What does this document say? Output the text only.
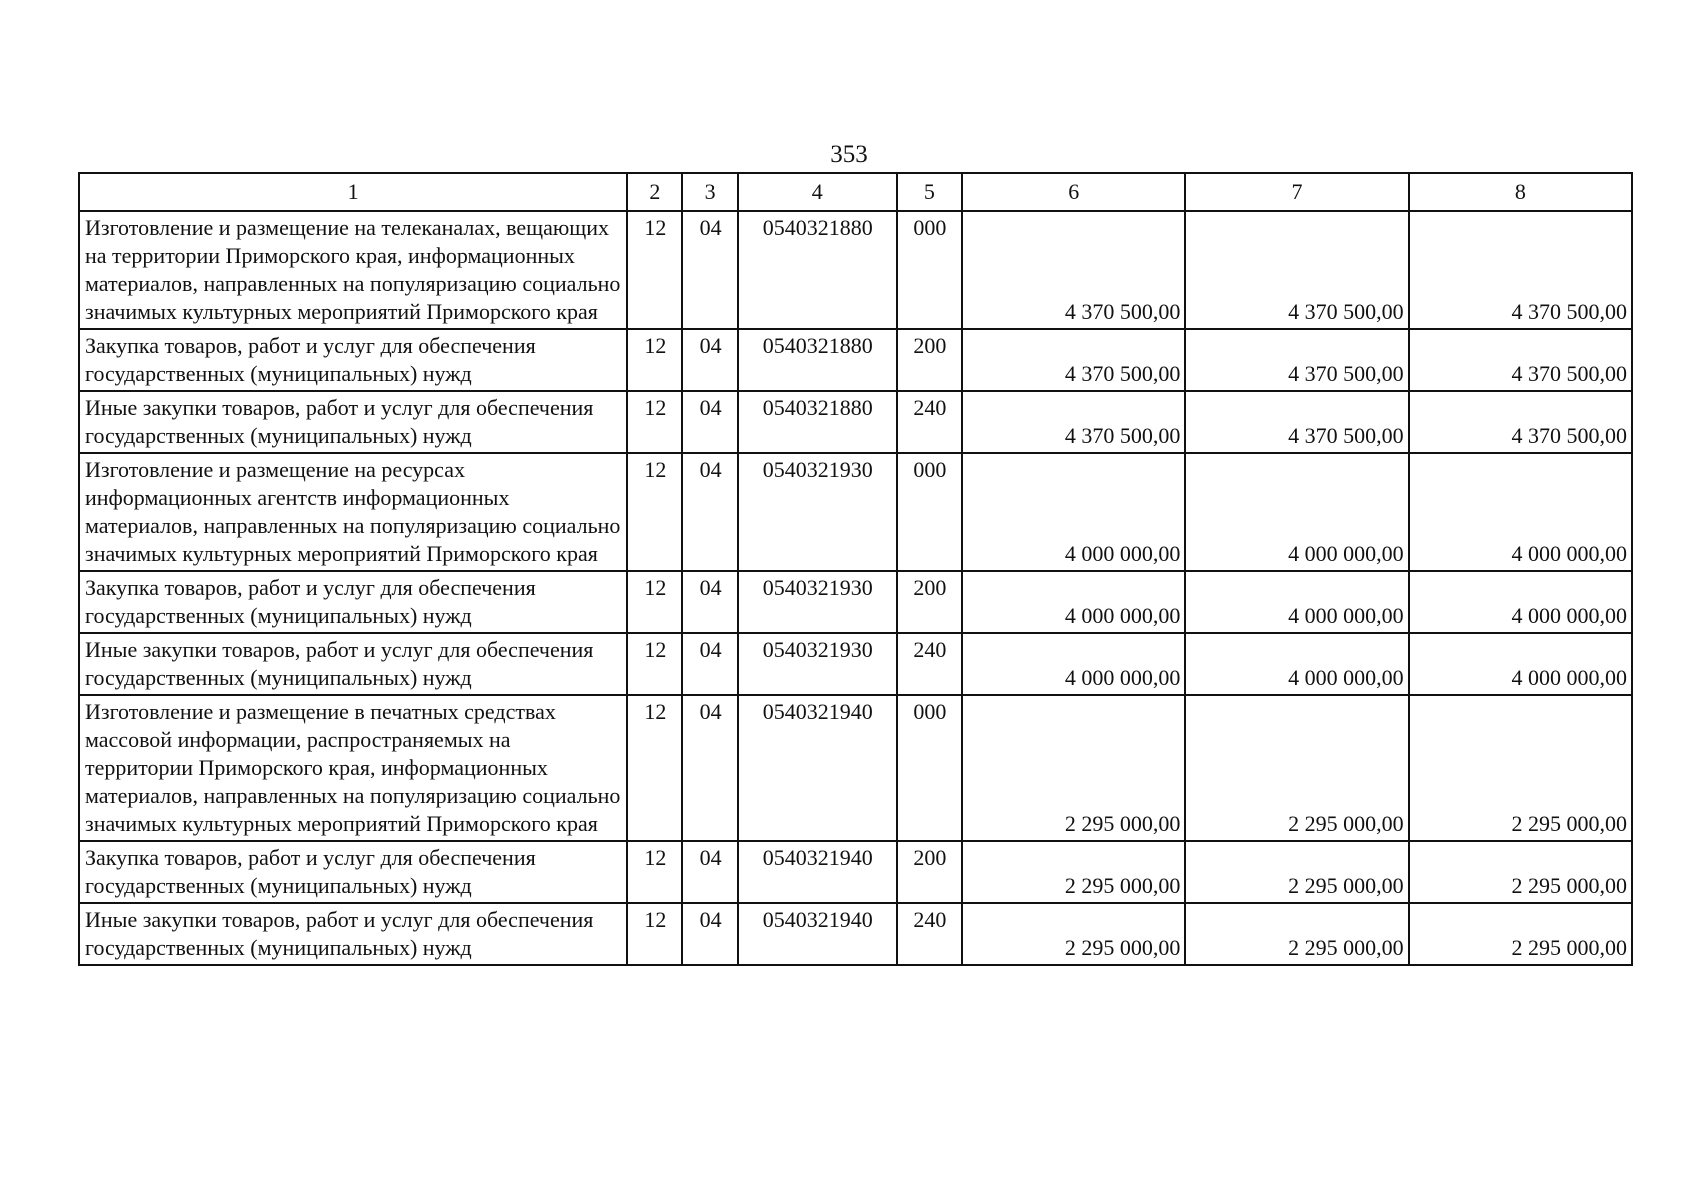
353
1	2	3	4	5	6	7	8
Изготовление и размещение на телеканалах, вещающих на территории Приморского края, информационных материалов, направленных на популяризацию социально значимых культурных мероприятий Приморского края	12	04	0540321880	000	4 370 500,00	4 370 500,00	4 370 500,00
Закупка товаров, работ и услуг для обеспечения государственных (муниципальных) нужд	12	04	0540321880	200	4 370 500,00	4 370 500,00	4 370 500,00
Иные закупки товаров, работ и услуг для обеспечения государственных (муниципальных) нужд	12	04	0540321880	240	4 370 500,00	4 370 500,00	4 370 500,00
Изготовление и размещение на ресурсах информационных агентств информационных материалов, направленных на популяризацию социально значимых культурных мероприятий Приморского края	12	04	0540321930	000	4 000 000,00	4 000 000,00	4 000 000,00
Закупка товаров, работ и услуг для обеспечения государственных (муниципальных) нужд	12	04	0540321930	200	4 000 000,00	4 000 000,00	4 000 000,00
Иные закупки товаров, работ и услуг для обеспечения государственных (муниципальных) нужд	12	04	0540321930	240	4 000 000,00	4 000 000,00	4 000 000,00
Изготовление и размещение в печатных средствах массовой информации, распространяемых на территории Приморского края, информационных материалов, направленных на популяризацию социально значимых культурных мероприятий Приморского края	12	04	0540321940	000	2 295 000,00	2 295 000,00	2 295 000,00
Закупка товаров, работ и услуг для обеспечения государственных (муниципальных) нужд	12	04	0540321940	200	2 295 000,00	2 295 000,00	2 295 000,00
Иные закупки товаров, работ и услуг для обеспечения государственных (муниципальных) нужд	12	04	0540321940	240	2 295 000,00	2 295 000,00	2 295 000,00
